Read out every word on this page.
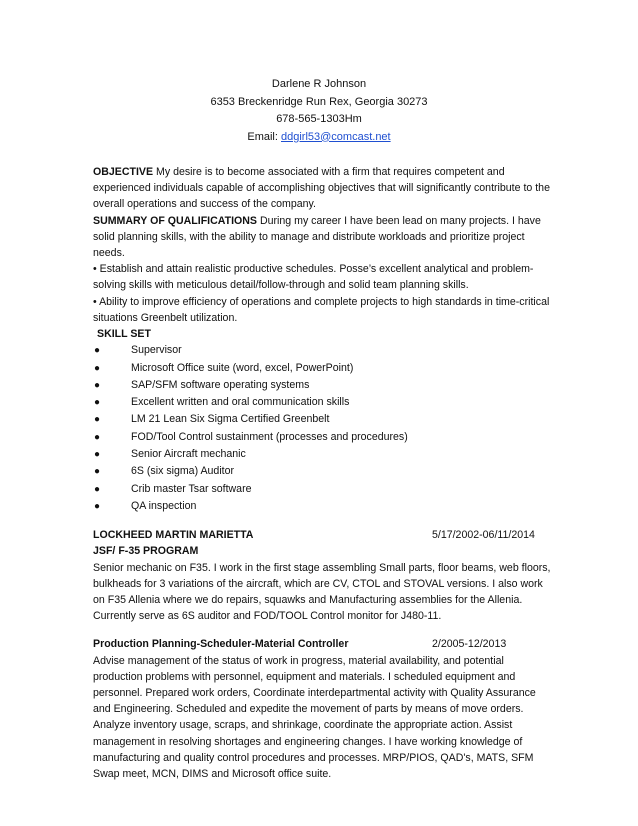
Darlene R Johnson
6353 Breckenridge Run Rex, Georgia 30273
678-565-1303Hm
Email: ddgirl53@comcast.net

OBJECTIVE My desire is to become associated with a firm that requires competent and experienced individuals capable of accomplishing objectives that will significantly contribute to the overall operations and success of the company.

SUMMARY OF QUALIFICATIONS During my career I have been lead on many projects. I have solid planning skills, with the ability to manage and distribute workloads and prioritize project needs.

• Establish and attain realistic productive schedules. Posse’s excellent analytical and problem-solving skills with meticulous detail/follow-through and solid team planning skills.

• Ability to improve efficiency of operations and complete projects to high standards in time-critical situations Greenbelt utilization.

SKILL SET

●	Supervisor
●	Microsoft Office suite (word, excel, PowerPoint)
●	SAP/SFM software operating systems
●	Excellent written and oral communication skills
●	LM 21 Lean Six Sigma Certified Greenbelt
●	FOD/Tool Control sustainment (processes and procedures)
●	Senior Aircraft mechanic
●	6S (six sigma) Auditor
●	Crib master Tsar software
●	QA inspection
LOCKHEED MARTIN MARIETTA	5/17/2002-06/11/2014

JSF/ F-35 PROGRAM

Senior mechanic on F35. I work in the first stage assembling Small parts, floor beams, web floors, bulkheads for 3 variations of the aircraft, which are CV, CTOL and STOVAL versions. I also work on F35 Allenia where we do repairs, squawks and Manufacturing assemblies for the Allenia. Currently serve as 6S auditor and FOD/TOOL Control monitor for J480-11.

Production Planning-Scheduler-Material Controller	2/2005-12/2013

Advise management of the status of work in progress, material availability, and potential production problems with personnel, equipment and materials. I scheduled equipment and personnel. Prepared work orders, Coordinate interdepartmental activity with Quality Assurance and Engineering. Scheduled and expedite the movement of parts by means of move orders. Analyze inventory usage, scraps, and shrinkage, coordinate the appropriate action. Assist management in resolving shortages and engineering changes. I have working knowledge of manufacturing and quality control procedures and processes. MRP/PIOS, QAD's, MATS, SFM Swap meet, MCN, DIMS and Microsoft office suite.
